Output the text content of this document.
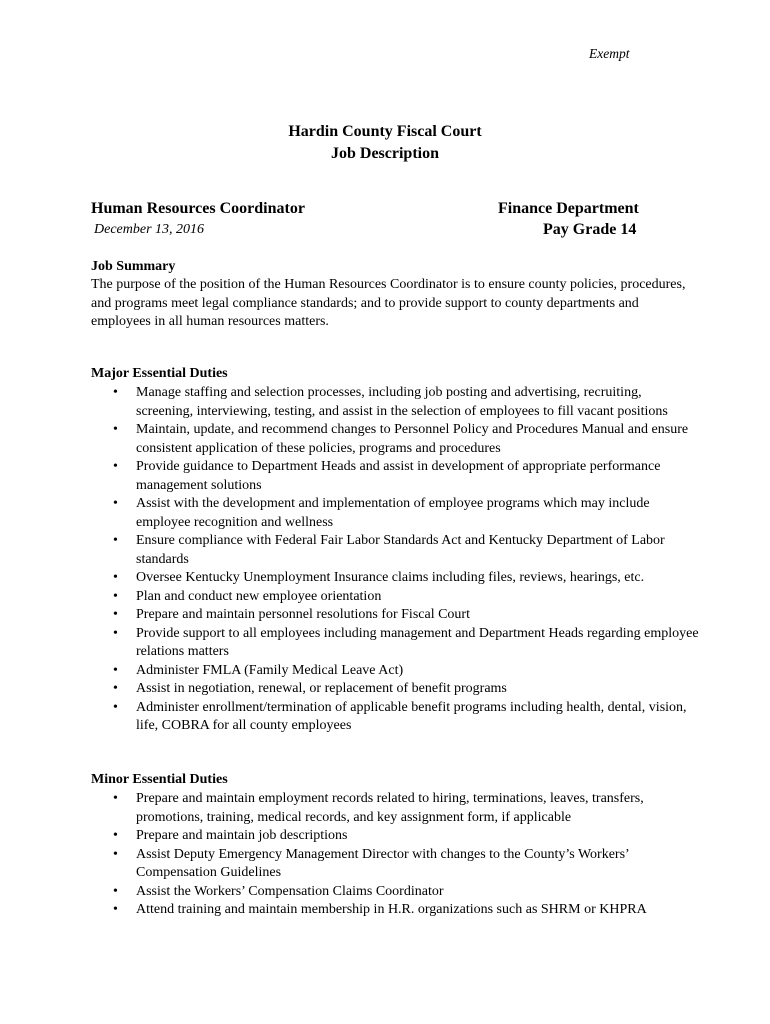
Exempt
Hardin County Fiscal Court
Job Description
Human Resources Coordinator	Finance Department
December 13, 2016	Pay Grade 14
Job Summary
The purpose of the position of the Human Resources Coordinator is to ensure county policies, procedures, and programs meet legal compliance standards; and to provide support to county departments and employees in all human resources matters.
Major Essential Duties
• Manage staffing and selection processes, including job posting and advertising, recruiting, screening, interviewing, testing, and assist in the selection of employees to fill vacant positions
• Maintain, update, and recommend changes to Personnel Policy and Procedures Manual and ensure consistent application of these policies, programs and procedures
• Provide guidance to Department Heads and assist in development of appropriate performance management solutions
• Assist with the development and implementation of employee programs which may include employee recognition and wellness
• Ensure compliance with Federal Fair Labor Standards Act and Kentucky Department of Labor standards
• Oversee Kentucky Unemployment Insurance claims including files, reviews, hearings, etc.
• Plan and conduct new employee orientation
• Prepare and maintain personnel resolutions for Fiscal Court
• Provide support to all employees including management and Department Heads regarding employee relations matters
• Administer FMLA (Family Medical Leave Act)
• Assist in negotiation, renewal, or replacement of benefit programs
• Administer enrollment/termination of applicable benefit programs including health, dental, vision, life, COBRA for all county employees
Minor Essential Duties
• Prepare and maintain employment records related to hiring, terminations, leaves, transfers, promotions, training, medical records, and key assignment form, if applicable
• Prepare and maintain job descriptions
• Assist Deputy Emergency Management Director with changes to the County’s Workers’ Compensation Guidelines
• Assist the Workers’ Compensation Claims Coordinator
• Attend training and maintain membership in H.R. organizations such as SHRM or KHPRA
